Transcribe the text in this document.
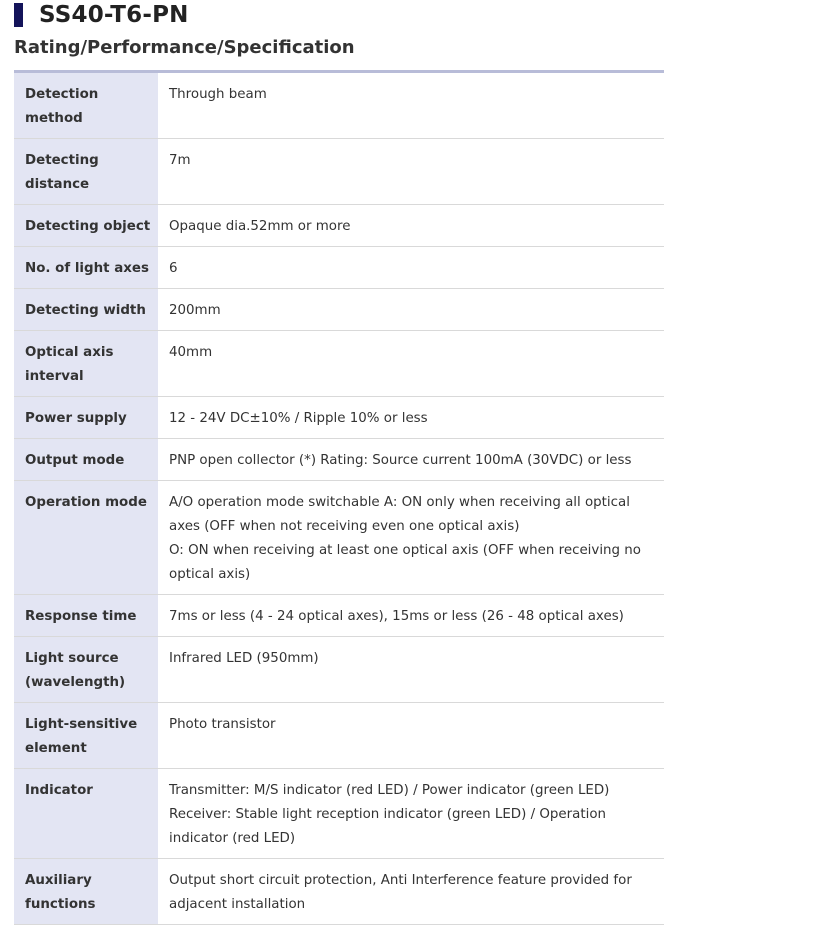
SS40-T6-PN
Rating/Performance/Specification
Detection method	Through beam

Detecting distance	7m

Detecting object	Opaque dia.52mm or more

No. of light axes	6

Detecting width	200mm

Optical axis interval	40mm

Power supply	12 - 24V DC±10% / Ripple 10% or less

Output mode	PNP open collector (*) Rating: Source current 100mA (30VDC) or less

Operation mode	A/O operation mode switchable A: ON only when receiving all optical axes (OFF when not receiving even one optical axis)
O: ON when receiving at least one optical axis (OFF when receiving no optical axis)

Response time	7ms or less (4 - 24 optical axes), 15ms or less (26 - 48 optical axes)

Light source (wavelength)	Infrared LED (950mm)

Light-sensitive element	Photo transistor

Indicator	Transmitter: M/S indicator (red LED) / Power indicator (green LED)
Receiver: Stable light reception indicator (green LED) / Operation indicator (red LED)

Auxiliary functions	Output short circuit protection, Anti Interference feature provided for adjacent installation
